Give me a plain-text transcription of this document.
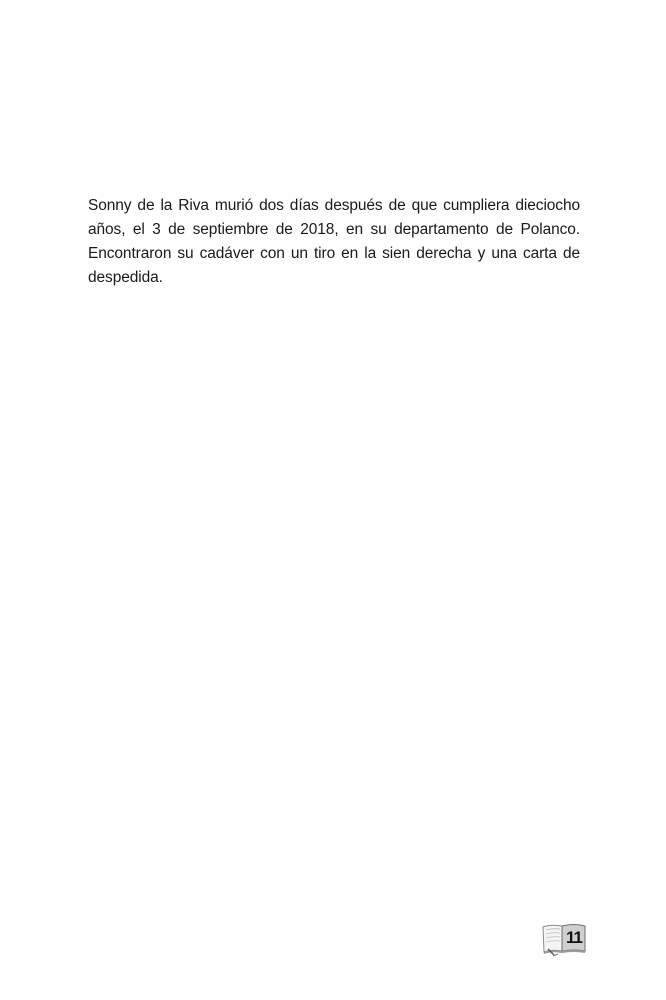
Sonny de la Riva murió dos días después de que cumpliera dieciocho años, el 3 de septiembre de 2018, en su departamento de Polanco. Encontraron su cadáver con un tiro en la sien derecha y una carta de despedida.

11
